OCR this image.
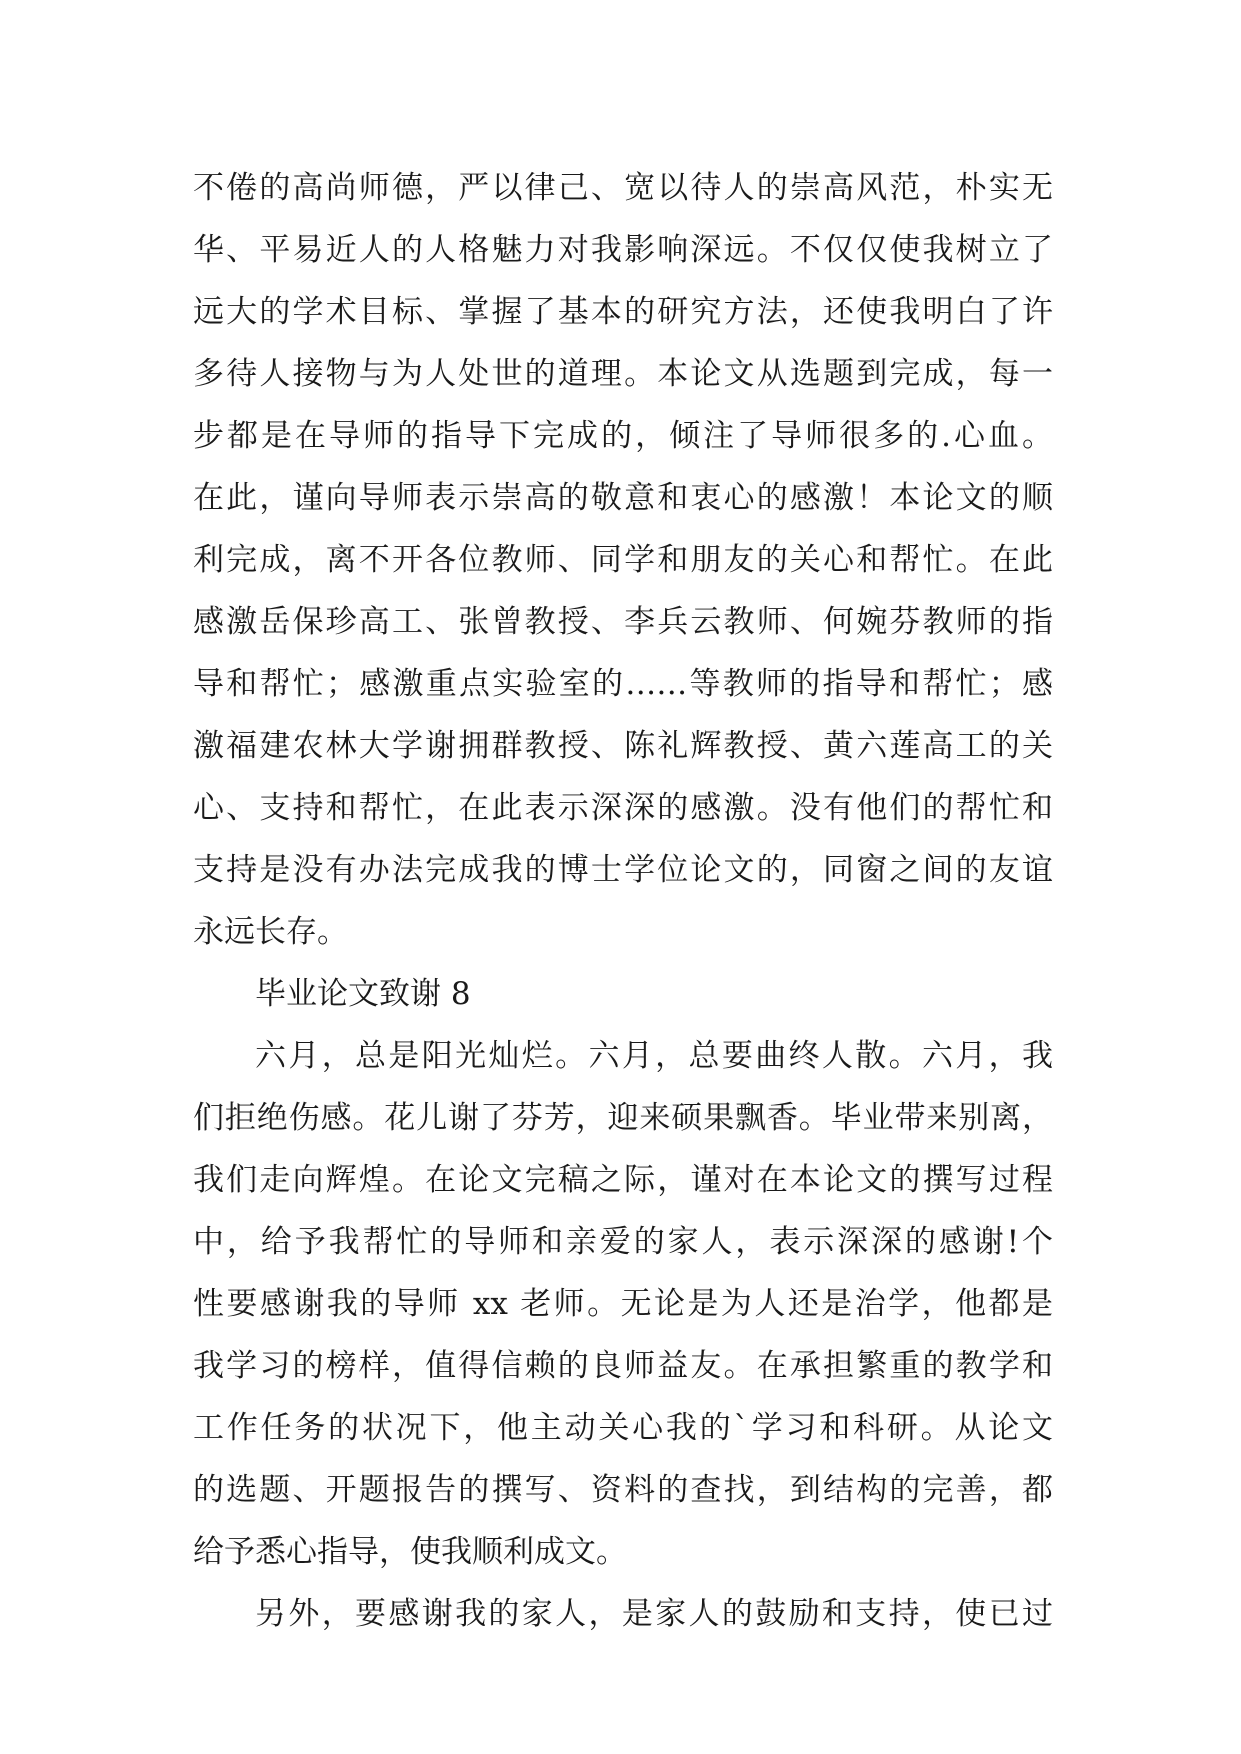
不倦的高尚师德，严以律己、宽以待人的崇高风范，朴实无
华、平易近人的人格魅力对我影响深远。不仅仅使我树立了
远大的学术目标、掌握了基本的研究方法，还使我明白了许
多待人接物与为人处世的道理。本论文从选题到完成，每一
步都是在导师的指导下完成的，倾注了导师很多的.心血。
在此，谨向导师表示崇高的敬意和衷心的感激！本论文的顺
利完成，离不开各位教师、同学和朋友的关心和帮忙。在此
感激岳保珍高工、张曾教授、李兵云教师、何婉芬教师的指
导和帮忙；感激重点实验室的……等教师的指导和帮忙；感
激福建农林大学谢拥群教授、陈礼辉教授、黄六莲高工的关
心、支持和帮忙，在此表示深深的感激。没有他们的帮忙和
支持是没有办法完成我的博士学位论文的，同窗之间的友谊
永远长存。
毕业论文致谢 8
六月，总是阳光灿烂。六月，总要曲终人散。六月，我
们拒绝伤感。花儿谢了芬芳，迎来硕果飘香。毕业带来别离，
我们走向辉煌。在论文完稿之际，谨对在本论文的撰写过程
中，给予我帮忙的导师和亲爱的家人，表示深深的感谢!个
性要感谢我的导师 xx 老师。无论是为人还是治学，他都是
我学习的榜样，值得信赖的良师益友。在承担繁重的教学和
工作任务的状况下，他主动关心我的`学习和科研。从论文
的选题、开题报告的撰写、资料的查找，到结构的完善，都
给予悉心指导，使我顺利成文。
另外，要感谢我的家人，是家人的鼓励和支持，使已过
